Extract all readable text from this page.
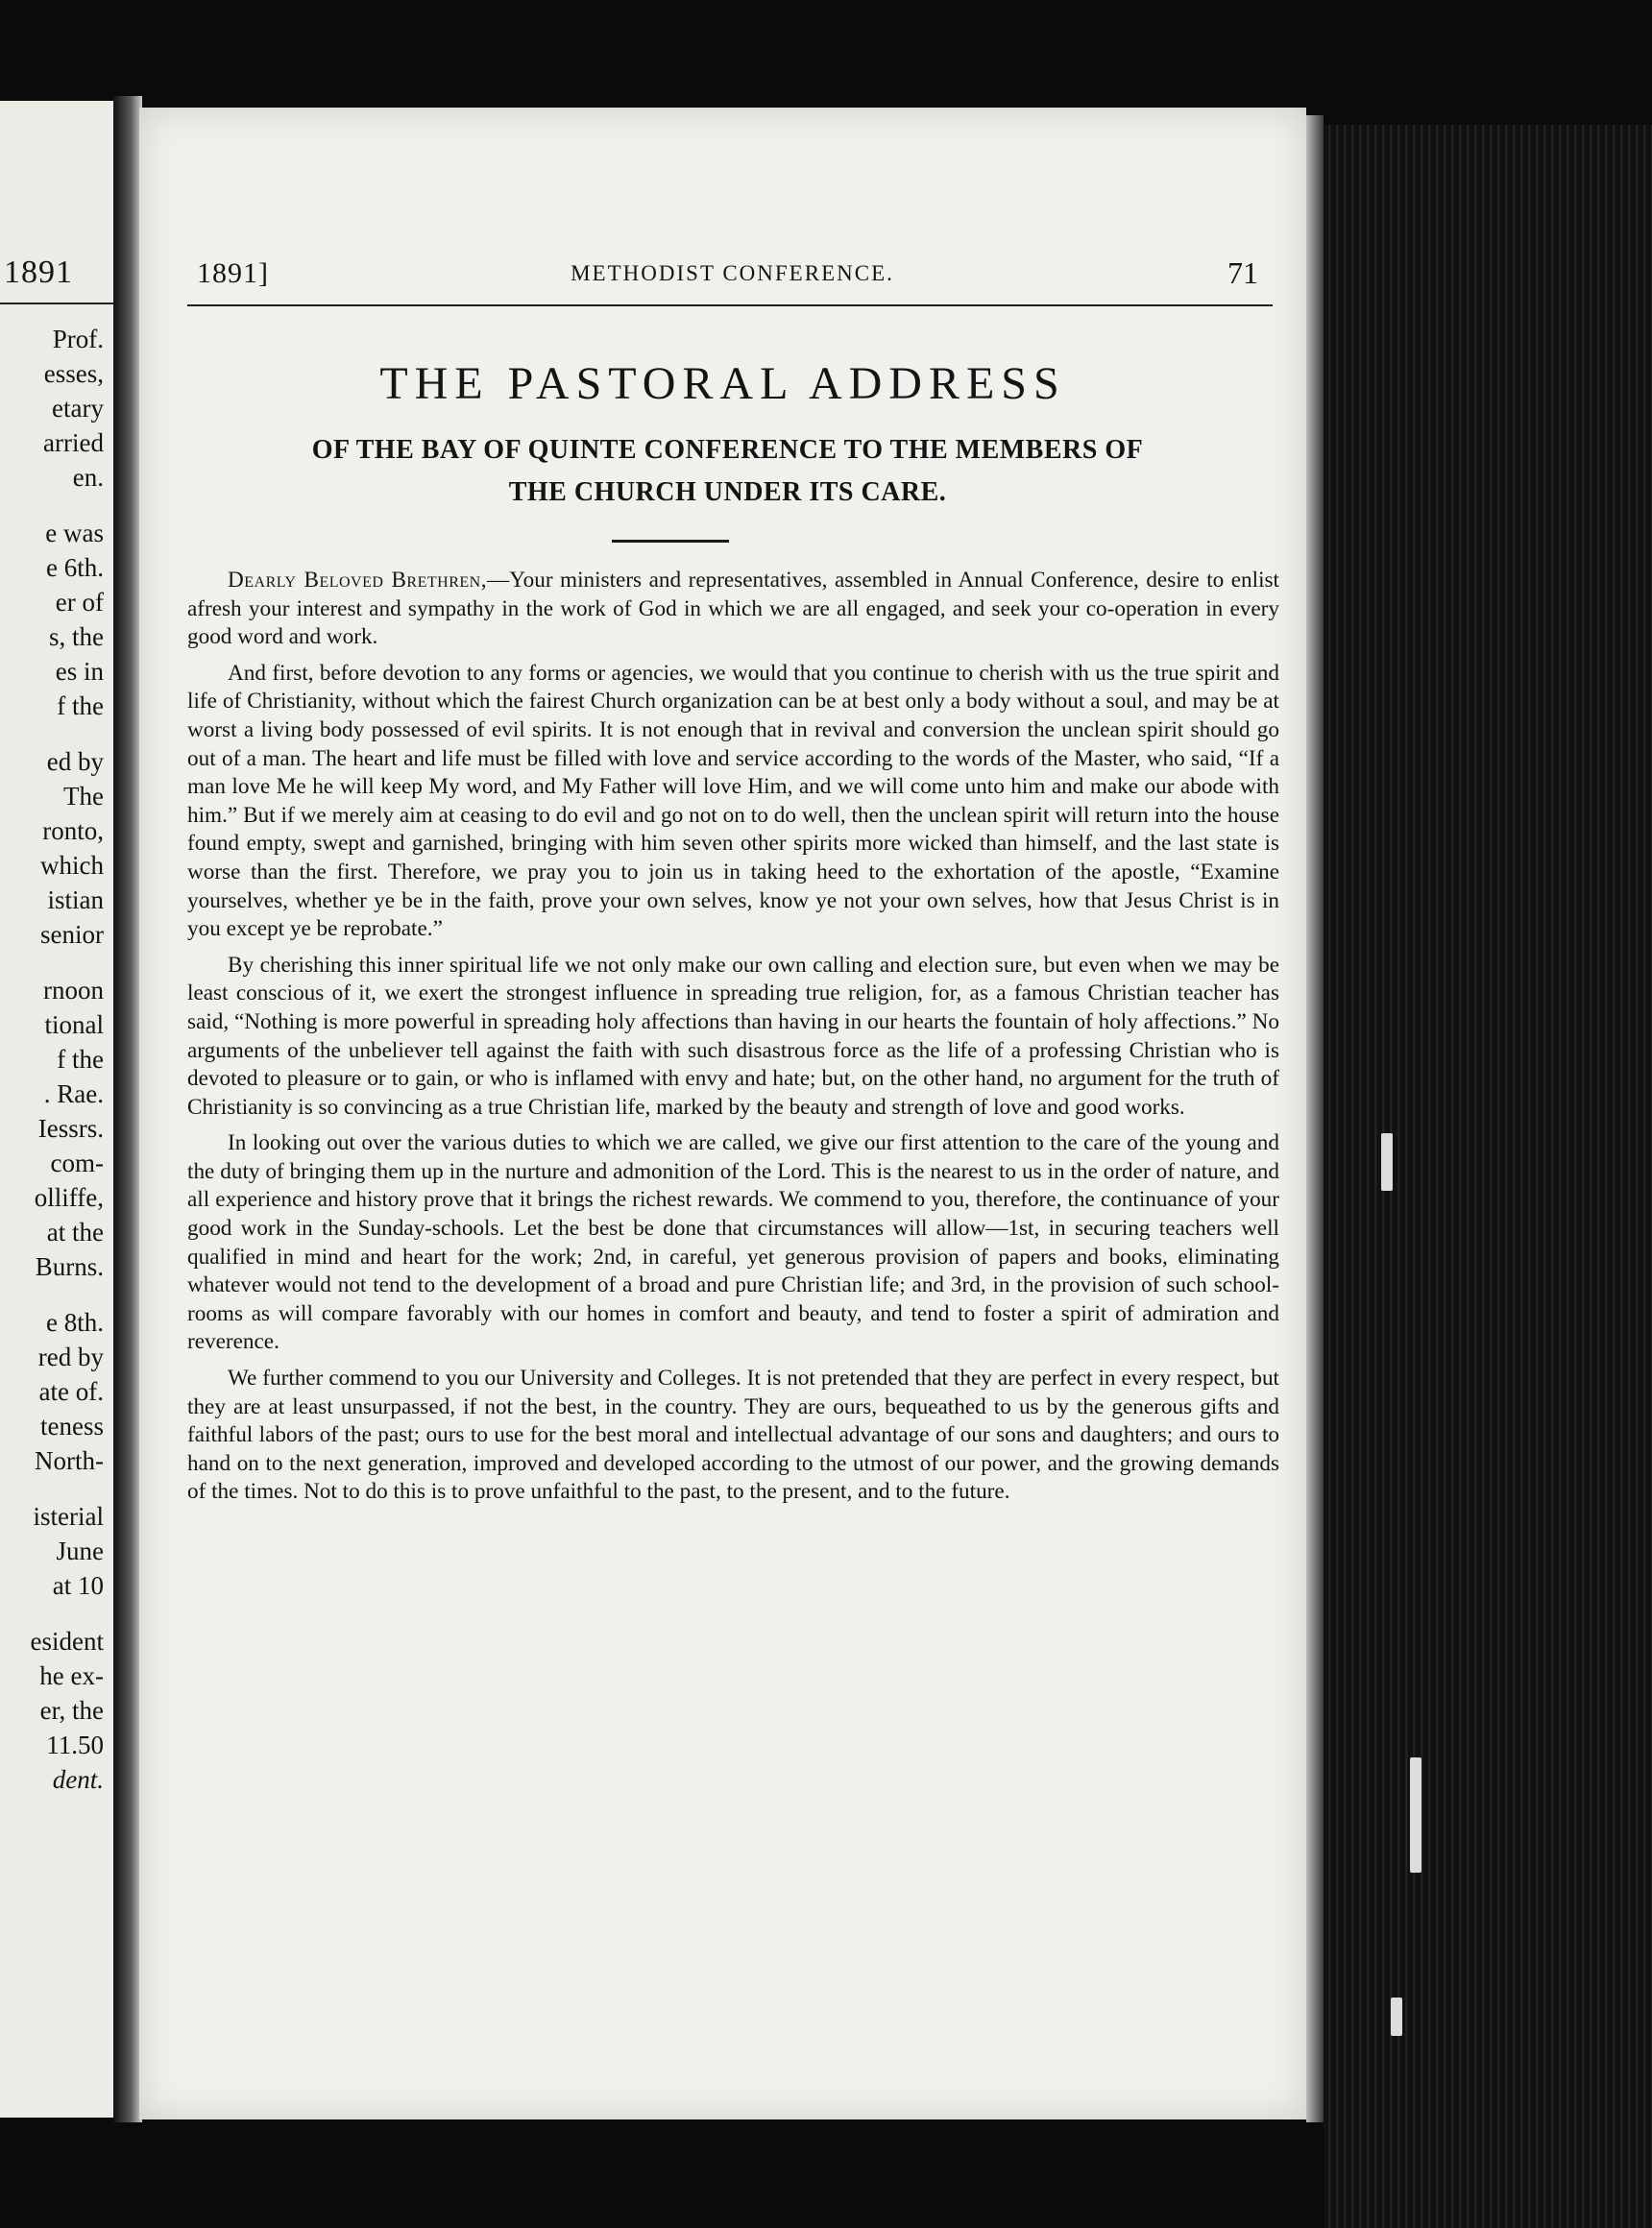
1891
Prof.
esses,
etary
arried
en.
e was
e 6th.
er of
s, the
es in
f the
ed by
The
ronto,
which
istian
senior
rnoon
tional
f the
. Rae.
Iessrs.
com-
olliffe,
at the
Burns.
e 8th.
red by
ate of.
teness
North-
isterial
June
at 10
esident
he ex-
er, the
11.50
dent.
1891]	METHODIST CONFERENCE.	71
THE PASTORAL ADDRESS
OF THE BAY OF QUINTE CONFERENCE TO THE MEMBERS OF
THE CHURCH UNDER ITS CARE.

Dearly Beloved Brethren,—Your ministers and representatives, assembled in Annual Conference, desire to enlist afresh your interest and sympathy in the work of God in which we are all engaged, and seek your co-operation in every good word and work.

And first, before devotion to any forms or agencies, we would that you continue to cherish with us the true spirit and life of Christianity, without which the fairest Church organization can be at best only a body without a soul, and may be at worst a living body possessed of evil spirits. It is not enough that in revival and conversion the unclean spirit should go out of a man. The heart and life must be filled with love and service according to the words of the Master, who said, “If a man love Me he will keep My word, and My Father will love Him, and we will come unto him and make our abode with him.” But if we merely aim at ceasing to do evil and go not on to do well, then the unclean spirit will return into the house found empty, swept and garnished, bringing with him seven other spirits more wicked than himself, and the last state is worse than the first. Therefore, we pray you to join us in taking heed to the exhortation of the apostle, “Examine yourselves, whether ye be in the faith, prove your own selves, know ye not your own selves, how that Jesus Christ is in you except ye be reprobate.”

By cherishing this inner spiritual life we not only make our own calling and election sure, but even when we may be least conscious of it, we exert the strongest influence in spreading true religion, for, as a famous Christian teacher has said, “Nothing is more powerful in spreading holy affections than having in our hearts the fountain of holy affections.” No arguments of the unbeliever tell against the faith with such disastrous force as the life of a professing Christian who is devoted to pleasure or to gain, or who is inflamed with envy and hate; but, on the other hand, no argument for the truth of Christianity is so convincing as a true Christian life, marked by the beauty and strength of love and good works.

In looking out over the various duties to which we are called, we give our first attention to the care of the young and the duty of bringing them up in the nurture and admonition of the Lord. This is the nearest to us in the order of nature, and all experience and history prove that it brings the richest rewards. We commend to you, therefore, the continuance of your good work in the Sunday-schools. Let the best be done that circumstances will allow—1st, in securing teachers well qualified in mind and heart for the work; 2nd, in careful, yet generous provision of papers and books, eliminating whatever would not tend to the development of a broad and pure Christian life; and 3rd, in the provision of such school-rooms as will compare favorably with our homes in comfort and beauty, and tend to foster a spirit of admiration and reverence.

We further commend to you our University and Colleges. It is not pretended that they are perfect in every respect, but they are at least unsurpassed, if not the best, in the country. They are ours, bequeathed to us by the generous gifts and faithful labors of the past; ours to use for the best moral and intellectual advantage of our sons and daughters; and ours to hand on to the next generation, improved and developed according to the utmost of our power, and the growing demands of the times. Not to do this is to prove unfaithful to the past, to the present, and to the future.
